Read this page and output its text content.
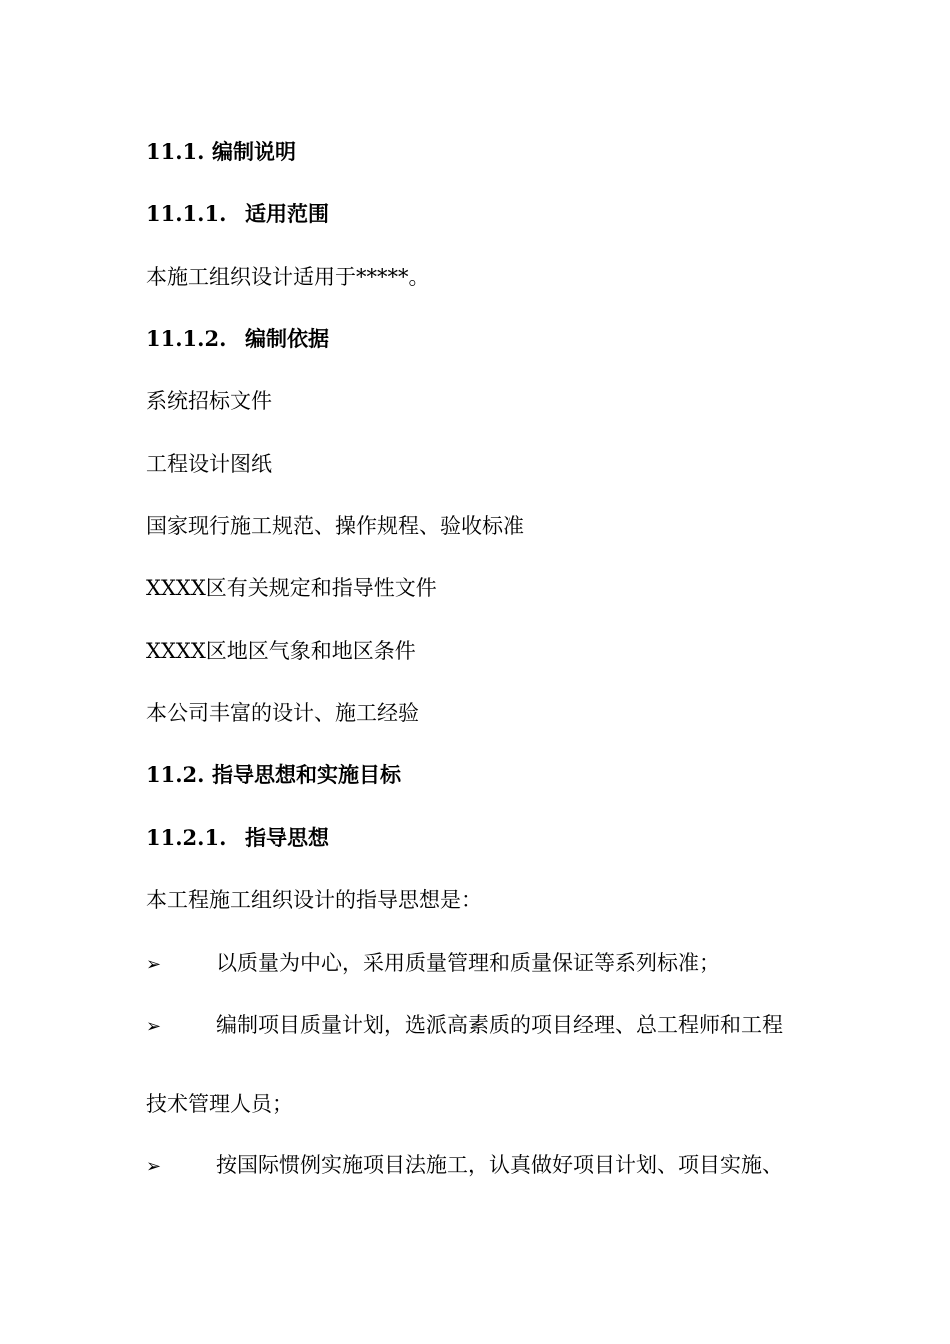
11.1. 编制说明
11.1.1. 适用范围
本施工组织设计适用于*****。
11.1.2. 编制依据
系统招标文件
工程设计图纸
国家现行施工规范、操作规程、验收标准
XXXX区有关规定和指导性文件
XXXX区地区气象和地区条件
本公司丰富的设计、施工经验
11.2. 指导思想和实施目标
11.2.1. 指导思想
本工程施工组织设计的指导思想是：
➢	以质量为中心，采用质量管理和质量保证等系列标准；
➢	编制项目质量计划，选派高素质的项目经理、总工程师和工程
技术管理人员；
➢	按国际惯例实施项目法施工，认真做好项目计划、项目实施、
